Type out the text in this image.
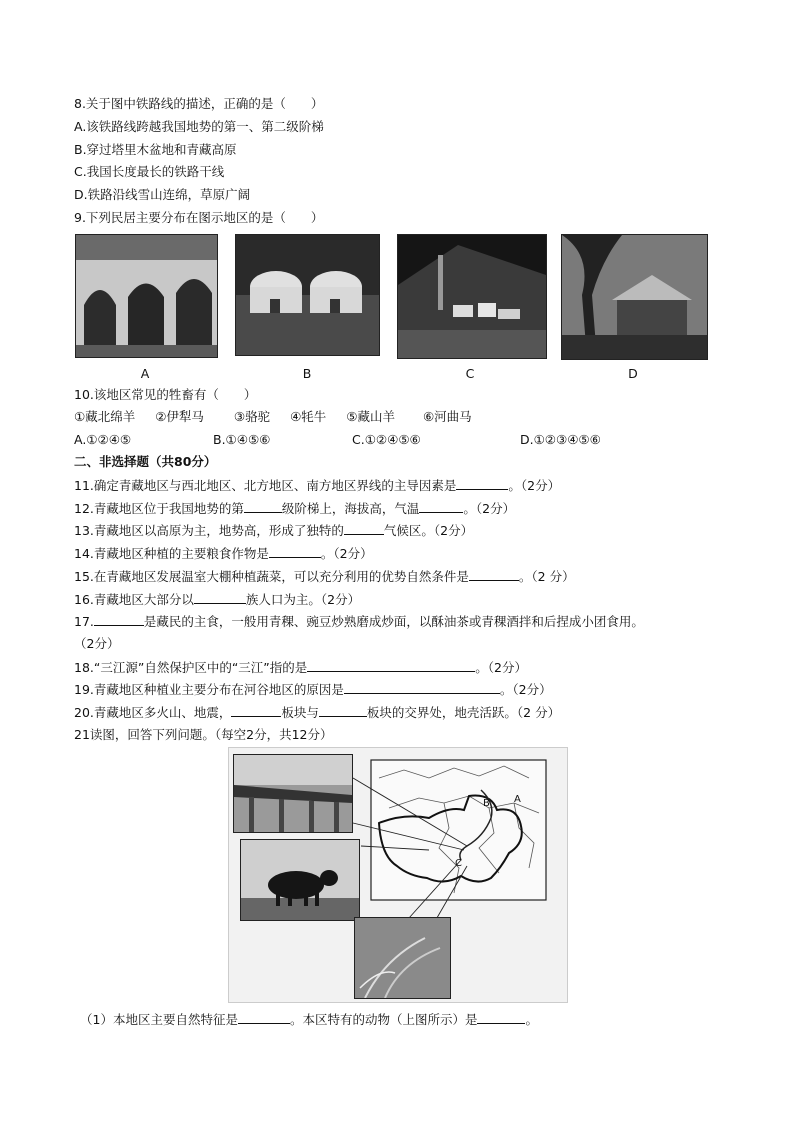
8.关于图中铁路线的描述，正确的是（　　）
A.该铁路线跨越我国地势的第一、第二级阶梯
B.穿过塔里木盆地和青藏高原
C.我国长度最长的铁路干线
D.铁路沿线雪山连绵，草原广阔
9.下列民居主要分布在图示地区的是（　　）
A	B	C	D
10.该地区常见的牲畜有（　　）
①藏北绵羊 ②伊犁马 ③骆驼 ④牦牛 ⑤藏山羊 ⑥河曲马
A.①②④⑤	B.①④⑤⑥	C.①②④⑤⑥	D.①②③④⑤⑥
二、非选择题（共80分）
11.确定青藏地区与西北地区、北方地区、南方地区界线的主导因素是	。（2分）
12.青藏地区位于我国地势的第	级阶梯上，海拔高，气温	。（2分）
13.青藏地区以高原为主，地势高，形成了独特的	气候区。（2分）
14.青藏地区种植的主要粮食作物是	。（2分）
15.在青藏地区发展温室大棚种植蔬菜，可以充分利用的优势自然条件是	。（2 分）
16.青藏地区大部分以	族人口为主。（2分）
17.	是藏民的主食，一般用青稞、豌豆炒熟磨成炒面，以酥油茶或青稞酒拌和后捏成小团食用。
（2分）
18.“三江源”自然保护区中的“三江”指的是	。（2分）
19.青藏地区种植业主要分布在河谷地区的原因是	。（2分）
20.青藏地区多火山、地震，	板块与	板块的交界处，地壳活跃。（2 分）
21读图，回答下列问题。（每空2分，共12分）
A
B
C
（1）本地区主要自然特征是	。本区特有的动物（上图所示）是	。
